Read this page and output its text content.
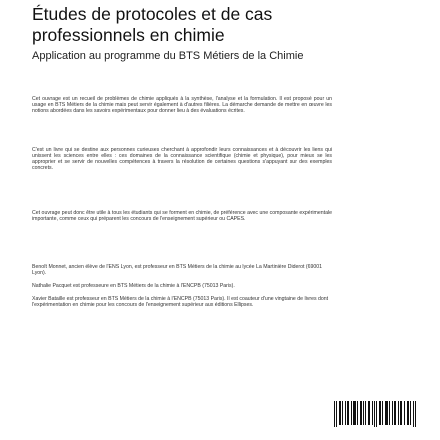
Études de protocoles et de cas professionnels en chimie

Application au programme du BTS Métiers de la Chimie

Cet ouvrage est un recueil de problèmes de chimie appliqués à la synthèse, l'analyse et la formulation. Il est proposé pour un usage en BTS Métiers de la chimie mais peut servir également à d'autres filières. La démarche demande de mettre en œuvre les notions abordées dans les savoirs expérimentaux pour donner lieu à des évaluations écrites.

C'est un livre qui se destine aux personnes curieuses cherchant à approfondir leurs connaissances et à découvrir les liens qui unissent les sciences entre elles : ces domaines de la connaissance scientifique (chimie et physique), pour mieux se les approprier et se servir de nouvelles compétences à travers la résolution de certaines questions s'appuyant sur des exemples concrets.

Cet ouvrage peut donc être utile à tous les étudiants qui se forment en chimie, de préférence avec une composante expérimentale importante, comme ceux qui préparent les concours de l'enseignement supérieur ou CAPES.

Benoît Monnet, ancien élève de l'ENS Lyon, est professeur en BTS Métiers de la chimie au lycée La Martinière Diderot (69001 Lyon).

Nathalie Pacquet est professeure en BTS Métiers de la chimie à l'ENCPB (75013 Paris).

Xavier Bataille est professeur en BTS Métiers de la chimie à l'ENCPB (75013 Paris). Il est coauteur d'une vingtaine de livres dont l'expérimentation en chimie pour les concours de l'enseignement supérieur aux éditions Ellipses.
